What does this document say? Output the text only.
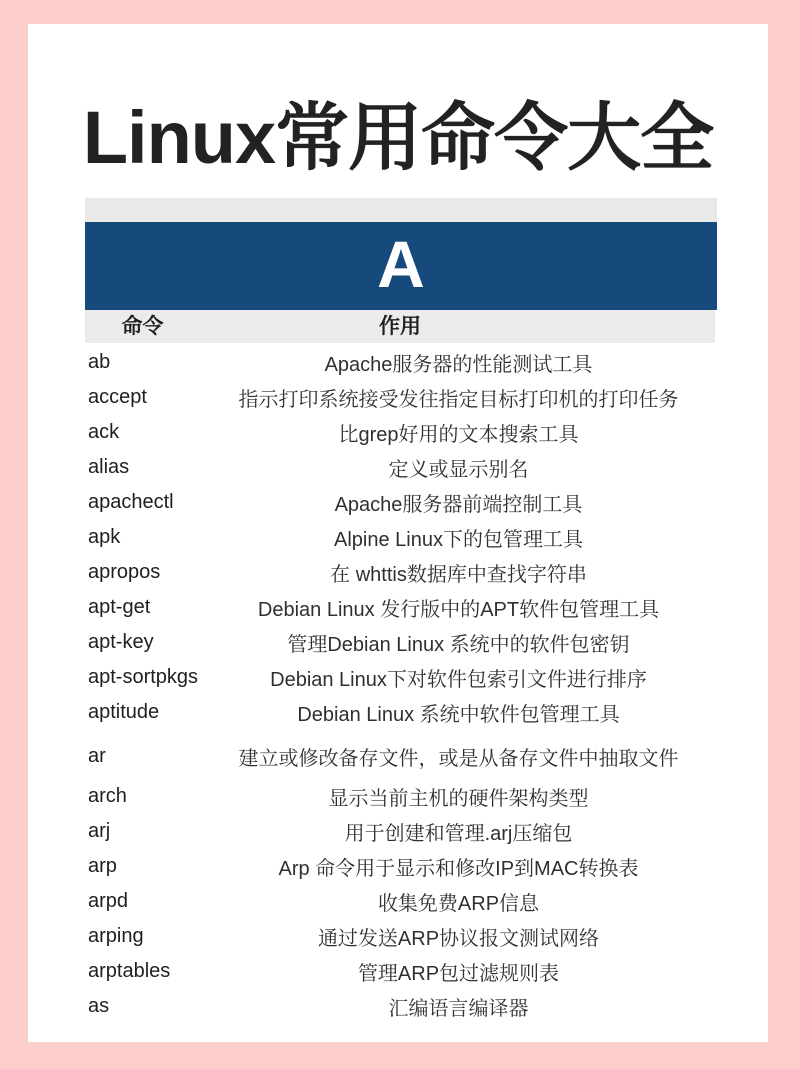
Linux常用命令大全
A
命令	作用
ab	Apache服务器的性能测试工具
accept	指示打印系统接受发往指定目标打印机的打印任务
ack	比grep好用的文本搜索工具
alias	定义或显示别名
apachectl	Apache服务器前端控制工具
apk	Alpine Linux下的包管理工具
apropos	在 whttis数据库中查找字符串
apt-get	Debian Linux 发行版中的APT软件包管理工具
apt-key	管理Debian Linux 系统中的软件包密钥
apt-sortpkgs	Debian Linux下对软件包索引文件进行排序
aptitude	Debian Linux 系统中软件包管理工具
ar	建立或修改备存文件，或是从备存文件中抽取文件
arch	显示当前主机的硬件架构类型
arj	用于创建和管理.arj压缩包
arp	Arp 命令用于显示和修改IP到MAC转换表
arpd	收集免费ARP信息
arping	通过发送ARP协议报文测试网络
arptables	管理ARP包过滤规则表
as	汇编语言编译器
